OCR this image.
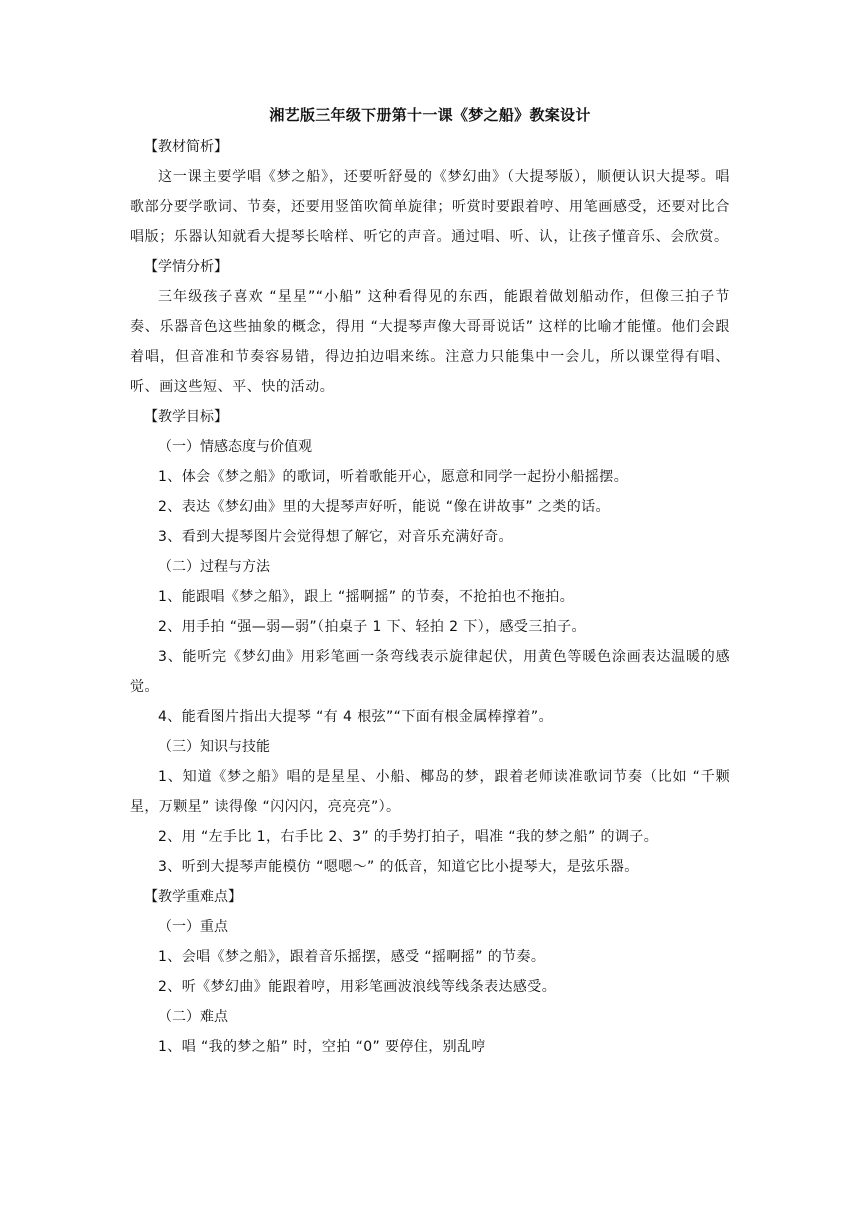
湘艺版三年级下册第十一课《梦之船》教案设计

【教材简析】

这一课主要学唱《梦之船》，还要听舒曼的《梦幻曲》（大提琴版），顺便认识大提琴。唱歌部分要学歌词、节奏，还要用竖笛吹简单旋律；听赏时要跟着哼、用笔画感受，还要对比合唱版；乐器认知就看大提琴长啥样、听它的声音。通过唱、听、认，让孩子懂音乐、会欣赏。

【学情分析】

三年级孩子喜欢 “星星”“小船” 这种看得见的东西，能跟着做划船动作，但像三拍子节奏、乐器音色这些抽象的概念，得用 “大提琴声像大哥哥说话” 这样的比喻才能懂。他们会跟着唱，但音准和节奏容易错，得边拍边唱来练。注意力只能集中一会儿，所以课堂得有唱、听、画这些短、平、快的活动。

【教学目标】

（一）情感态度与价值观

1、体会《梦之船》的歌词，听着歌能开心，愿意和同学一起扮小船摇摆。

2、表达《梦幻曲》里的大提琴声好听，能说 “像在讲故事” 之类的话。

3、看到大提琴图片会觉得想了解它，对音乐充满好奇。

（二）过程与方法

1、能跟唱《梦之船》，跟上 “摇啊摇” 的节奏，不抢拍也不拖拍。

2、用手拍 “强—弱—弱”（拍桌子 1 下、轻拍 2 下），感受三拍子。

3、能听完《梦幻曲》用彩笔画一条弯线表示旋律起伏，用黄色等暖色涂画表达温暖的感觉。

4、能看图片指出大提琴 “有 4 根弦”“下面有根金属棒撑着”。

（三）知识与技能

1、知道《梦之船》唱的是星星、小船、椰岛的梦，跟着老师读准歌词节奏（比如 “千颗星，万颗星” 读得像 “闪闪闪，亮亮亮”）。

2、用 “左手比 1，右手比 2、3” 的手势打拍子，唱准 “我的梦之船” 的调子。

3、听到大提琴声能模仿 “嗯嗯～” 的低音，知道它比小提琴大，是弦乐器。

【教学重难点】

（一）重点

1、会唱《梦之船》，跟着音乐摇摆，感受 “摇啊摇” 的节奏。

2、听《梦幻曲》能跟着哼，用彩笔画波浪线等线条表达感受。

（二）难点

1、唱 “我的梦之船” 时，空拍 “0” 要停住，别乱哼
